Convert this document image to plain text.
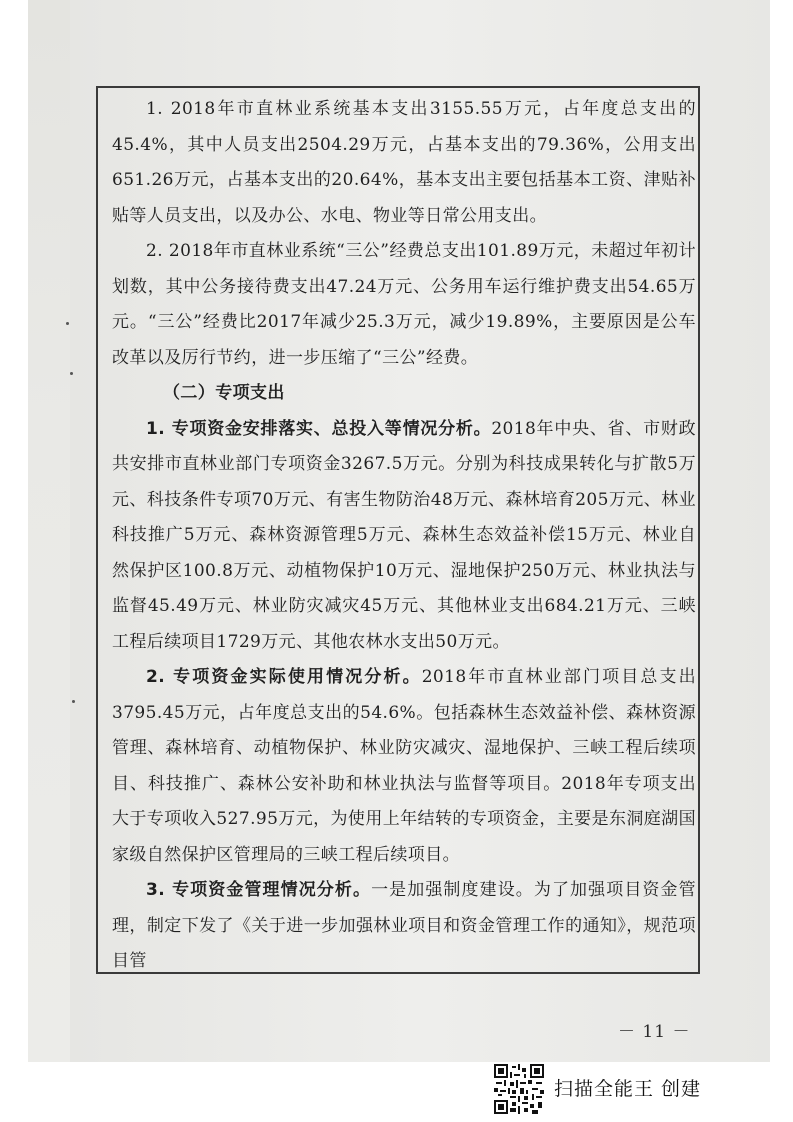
1. 2018年市直林业系统基本支出3155.55万元，占年度总支出的45.4%，其中人员支出2504.29万元，占基本支出的79.36%，公用支出651.26万元，占基本支出的20.64%，基本支出主要包括基本工资、津贴补贴等人员支出，以及办公、水电、物业等日常公用支出。

2. 2018年市直林业系统“三公”经费总支出101.89万元，未超过年初计划数，其中公务接待费支出47.24万元、公务用车运行维护费支出54.65万元。“三公”经费比2017年减少25.3万元，减少19.89%，主要原因是公车改革以及厉行节约，进一步压缩了“三公”经费。

（二）专项支出

1. 专项资金安排落实、总投入等情况分析。2018年中央、省、市财政共安排市直林业部门专项资金3267.5万元。分别为科技成果转化与扩散5万元、科技条件专项70万元、有害生物防治48万元、森林培育205万元、林业科技推广5万元、森林资源管理5万元、森林生态效益补偿15万元、林业自然保护区100.8万元、动植物保护10万元、湿地保护250万元、林业执法与监督45.49万元、林业防灾减灾45万元、其他林业支出684.21万元、三峡工程后续项目1729万元、其他农林水支出50万元。

2. 专项资金实际使用情况分析。2018年市直林业部门项目总支出3795.45万元，占年度总支出的54.6%。包括森林生态效益补偿、森林资源管理、森林培育、动植物保护、林业防灾减灾、湿地保护、三峡工程后续项目、科技推广、森林公安补助和林业执法与监督等项目。2018年专项支出大于专项收入527.95万元，为使用上年结转的专项资金，主要是东洞庭湖国家级自然保护区管理局的三峡工程后续项目。

3. 专项资金管理情况分析。一是加强制度建设。为了加强项目资金管理，制定下发了《关于进一步加强林业项目和资金管理工作的通知》，规范项目管

－ 11 －
扫描全能王 创建
